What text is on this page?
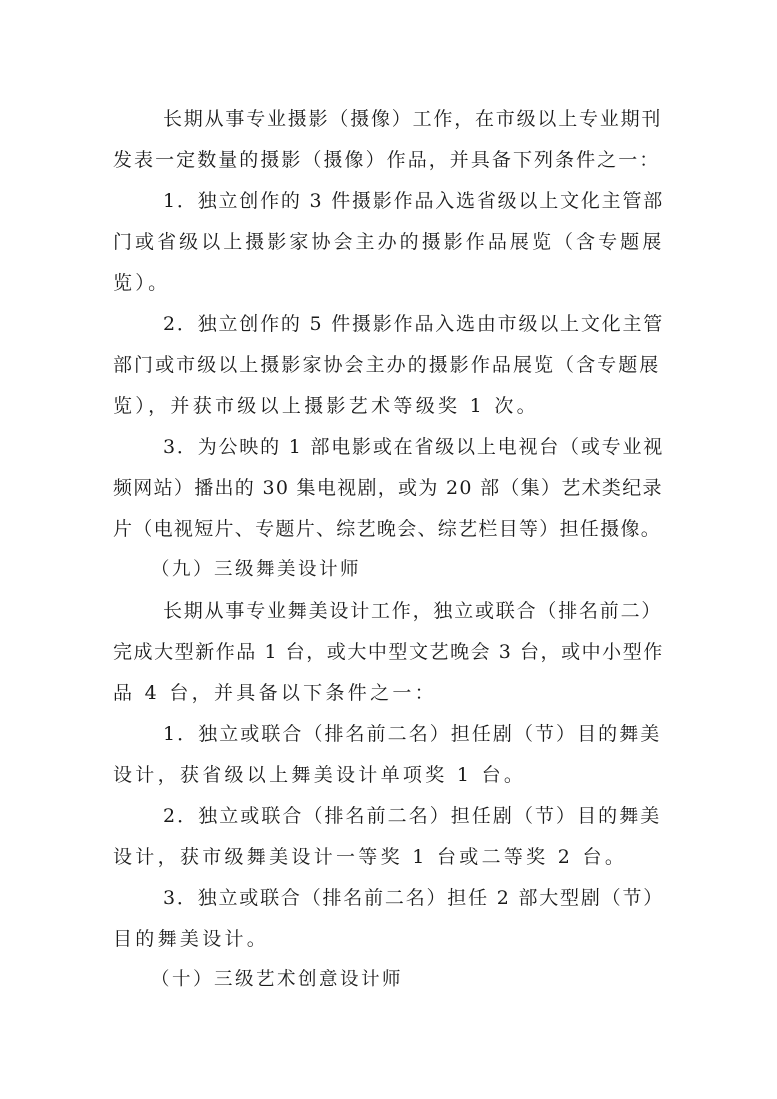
长期从事专业摄影（摄像）工作，在市级以上专业期刊
发表一定数量的摄影（摄像）作品，并具备下列条件之一：
1．独立创作的 3 件摄影作品入选省级以上文化主管部
门或省级以上摄影家协会主办的摄影作品展览（含专题展
览）。
2．独立创作的 5 件摄影作品入选由市级以上文化主管
部门或市级以上摄影家协会主办的摄影作品展览（含专题展
览），并获市级以上摄影艺术等级奖 1 次。
3．为公映的 1 部电影或在省级以上电视台（或专业视
频网站）播出的 30 集电视剧，或为 20 部（集）艺术类纪录
片（电视短片、专题片、综艺晚会、综艺栏目等）担任摄像。
（九）三级舞美设计师
长期从事专业舞美设计工作，独立或联合（排名前二）
完成大型新作品 1 台，或大中型文艺晚会 3 台，或中小型作
品 4 台，并具备以下条件之一：
1．独立或联合（排名前二名）担任剧（节）目的舞美
设计，获省级以上舞美设计单项奖 1 台。
2．独立或联合（排名前二名）担任剧（节）目的舞美
设计，获市级舞美设计一等奖 1 台或二等奖 2 台。
3．独立或联合（排名前二名）担任 2 部大型剧（节）
目的舞美设计。
（十）三级艺术创意设计师
